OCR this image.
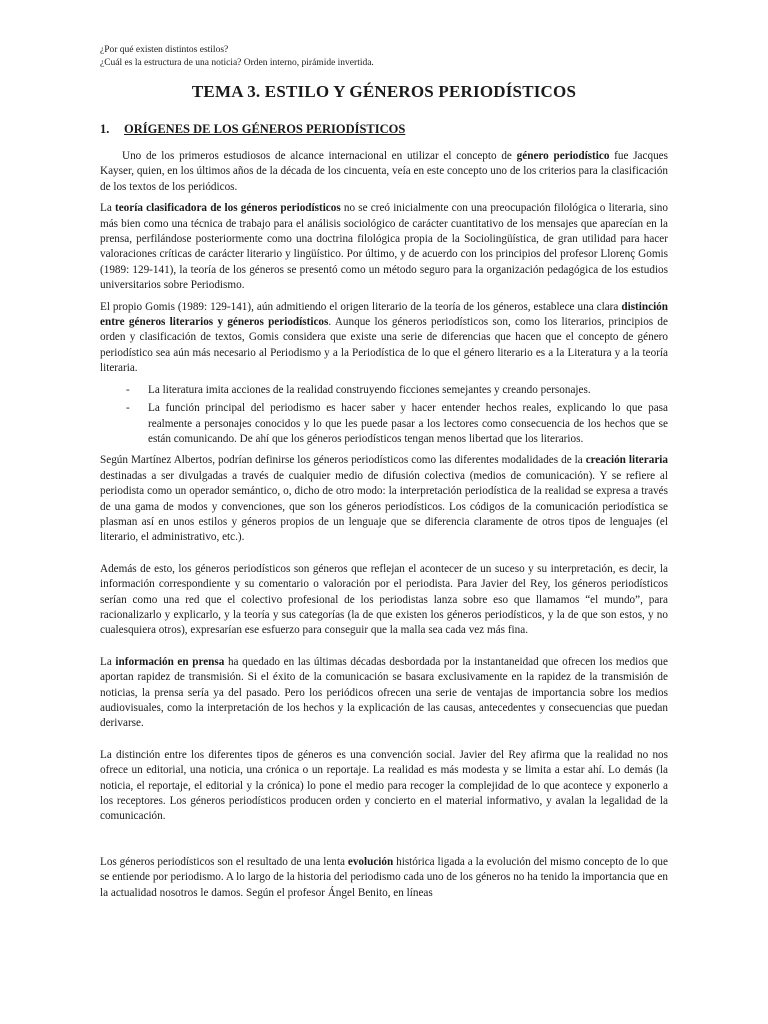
¿Por qué existen distintos estilos?
¿Cuál es la estructura de una noticia? Orden interno, pirámide invertida.
TEMA 3. ESTILO Y GÉNEROS PERIODÍSTICOS
1.	ORÍGENES DE LOS GÉNEROS PERIODÍSTICOS

Uno de los primeros estudiosos de alcance internacional en utilizar el concepto de género periodístico fue Jacques Kayser, quien, en los últimos años de la década de los cincuenta, veía en este concepto uno de los criterios para la clasificación de los textos de los periódicos.

La teoría clasificadora de los géneros periodísticos no se creó inicialmente con una preocupación filológica o literaria, sino más bien como una técnica de trabajo para el análisis sociológico de carácter cuantitativo de los mensajes que aparecían en la prensa, perfilándose posteriormente como una doctrina filológica propia de la Sociolingüística, de gran utilidad para hacer valoraciones críticas de carácter literario y lingüístico. Por último, y de acuerdo con los principios del profesor Llorenç Gomis (1989: 129-141), la teoría de los géneros se presentó como un método seguro para la organización pedagógica de los estudios universitarios sobre Periodismo.

El propio Gomis (1989: 129-141), aún admitiendo el origen literario de la teoría de los géneros, establece una clara distinción entre géneros literarios y géneros periodísticos. Aunque los géneros periodísticos son, como los literarios, principios de orden y clasificación de textos, Gomis considera que existe una serie de diferencias que hacen que el concepto de género periodístico sea aún más necesario al Periodismo y a la Periodística de lo que el género literario es a la Literatura y a la teoría literaria.

-	La literatura imita acciones de la realidad construyendo ficciones semejantes y creando personajes.
-	La función principal del periodismo es hacer saber y hacer entender hechos reales, explicando lo que pasa realmente a personajes conocidos y lo que les puede pasar a los lectores como consecuencia de los hechos que se están comunicando. De ahí que los géneros periodísticos tengan menos libertad que los literarios.

Según Martínez Albertos, podrían definirse los géneros periodísticos como las diferentes modalidades de la creación literaria destinadas a ser divulgadas a través de cualquier medio de difusión colectiva (medios de comunicación). Y se refiere al periodista como un operador semántico, o, dicho de otro modo: la interpretación periodística de la realidad se expresa a través de una gama de modos y convenciones, que son los géneros periodísticos. Los códigos de la comunicación periodística se plasman así en unos estilos y géneros propios de un lenguaje que se diferencia claramente de otros tipos de lenguajes (el literario, el administrativo, etc.).

Además de esto, los géneros periodísticos son géneros que reflejan el acontecer de un suceso y su interpretación, es decir, la información correspondiente y su comentario o valoración por el periodista. Para Javier del Rey, los géneros periodísticos serían como una red que el colectivo profesional de los periodistas lanza sobre eso que llamamos “el mundo”, para racionalizarlo y explicarlo, y la teoría y sus categorías (la de que existen los géneros periodísticos, y la de que son estos, y no cualesquiera otros), expresarían ese esfuerzo para conseguir que la malla sea cada vez más fina.

La información en prensa ha quedado en las últimas décadas desbordada por la instantaneidad que ofrecen los medios que aportan rapidez de transmisión. Si el éxito de la comunicación se basara exclusivamente en la rapidez de la transmisión de noticias, la prensa sería ya del pasado. Pero los periódicos ofrecen una serie de ventajas de importancia sobre los medios audiovisuales, como la interpretación de los hechos y la explicación de las causas, antecedentes y consecuencias que puedan derivarse.

La distinción entre los diferentes tipos de géneros es una convención social. Javier del Rey afirma que la realidad no nos ofrece un editorial, una noticia, una crónica o un reportaje. La realidad es más modesta y se limita a estar ahí. Lo demás (la noticia, el reportaje, el editorial y la crónica) lo pone el medio para recoger la complejidad de lo que acontece y exponerlo a los receptores. Los géneros periodísticos producen orden y concierto en el material informativo, y avalan la legalidad de la comunicación.

Los géneros periodísticos son el resultado de una lenta evolución histórica ligada a la evolución del mismo concepto de lo que se entiende por periodismo. A lo largo de la historia del periodismo cada uno de los géneros no ha tenido la importancia que en la actualidad nosotros le damos. Según el profesor Ángel Benito, en líneas
